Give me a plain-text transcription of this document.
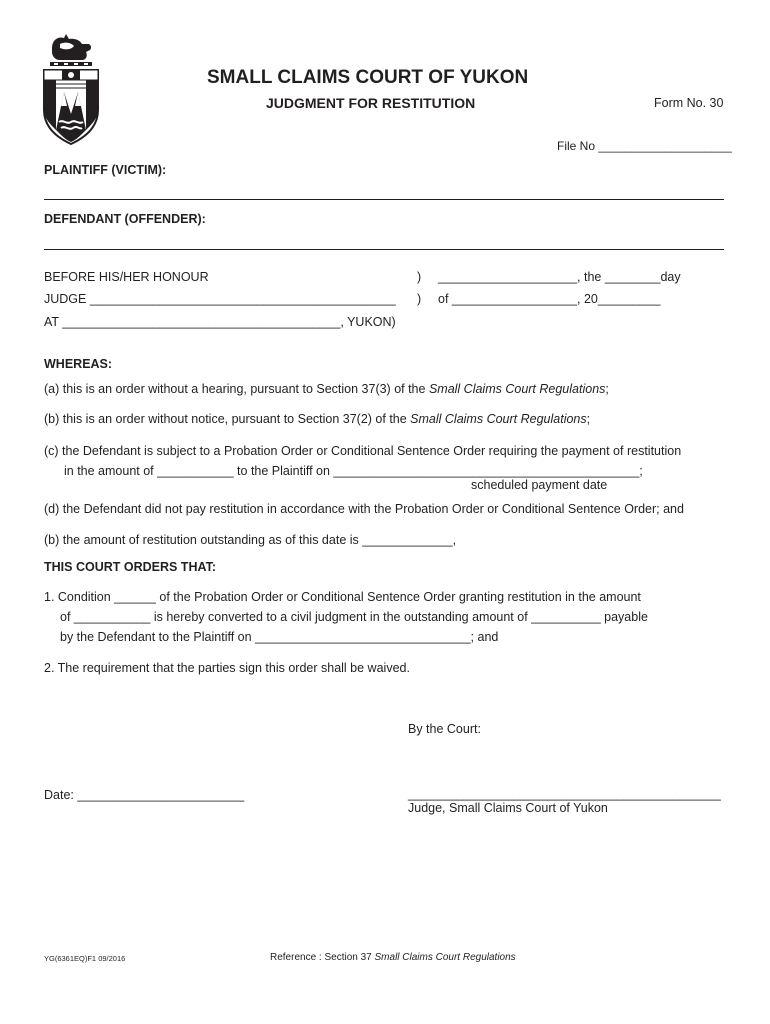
SMALL CLAIMS COURT OF YUKON
JUDGMENT FOR RESTITUTION	Form No. 30
File No ____________________
PLAINTIFF (VICTIM):
DEFENDANT (OFFENDER):
BEFORE HIS/HER HONOUR	) ____________________, the ________day
JUDGE ____________________________________________ ) of __________________, 20_________
AT ________________________________________, YUKON)
WHEREAS:
(a) this is an order without a hearing, pursuant to Section 37(3) of the Small Claims Court Regulations;
(b) this is an order without notice, pursuant to Section 37(2) of the Small Claims Court Regulations;
(c) the Defendant is subject to a Probation Order or Conditional Sentence Order requiring the payment of restitution
in the amount of ___________ to the Plaintiff on ____________________________________________;
scheduled payment date
(d) the Defendant did not pay restitution in accordance with the Probation Order or Conditional Sentence Order; and
(b) the amount of restitution outstanding as of this date is _____________,
THIS COURT ORDERS THAT:
1. Condition ______ of the Probation Order or Conditional Sentence Order granting restitution in the amount
of ___________ is hereby converted to a civil judgment in the outstanding amount of __________ payable
by the Defendant to the Plaintiff on _______________________________; and
2. The requirement that the parties sign this order shall be waived.
By the Court:
Date: ________________________	_____________________________________________
Judge, Small Claims Court of Yukon
YG(6361EQ)F1 09/2016	Reference : Section 37 Small Claims Court Regulations
